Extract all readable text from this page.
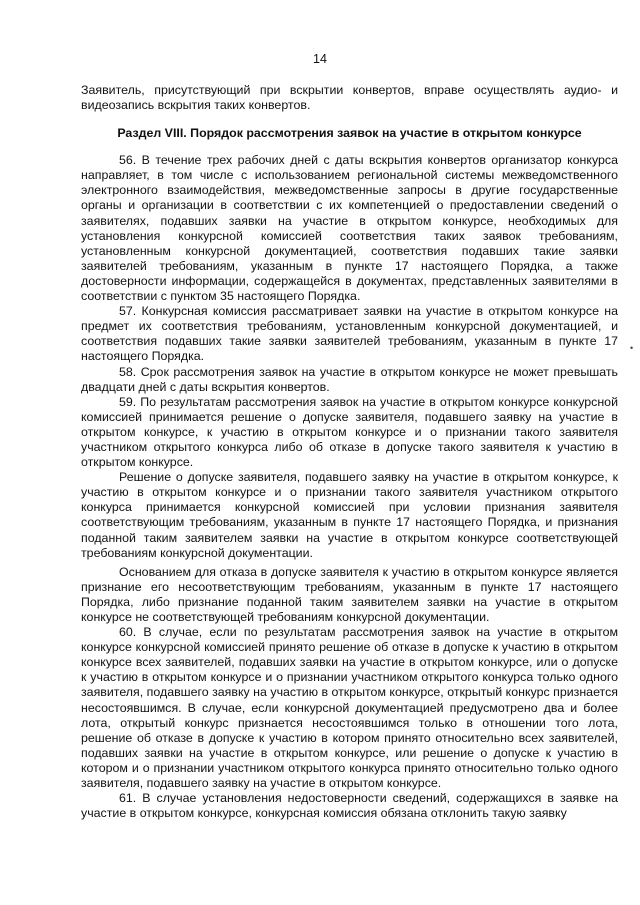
14

Заявитель, присутствующий при вскрытии конвертов, вправе осуществлять аудио- и видеозапись вскрытия таких конвертов.

Раздел VIII. Порядок рассмотрения заявок на участие в открытом конкурсе

56. В течение трех рабочих дней с даты вскрытия конвертов организатор конкурса направляет, в том числе с использованием региональной системы межведомственного электронного взаимодействия, межведомственные запросы в другие государственные органы и организации в соответствии с их компетенцией о предоставлении сведений о заявителях, подавших заявки на участие в открытом конкурсе, необходимых для установления конкурсной комиссией соответствия таких заявок требованиям, установленным конкурсной документацией, соответствия подавших такие заявки заявителей требованиям, указанным в пункте 17 настоящего Порядка, а также достоверности информации, содержащейся в документах, представленных заявителями в соответствии с пунктом 35 настоящего Порядка.

57. Конкурсная комиссия рассматривает заявки на участие в открытом конкурсе на предмет их соответствия требованиям, установленным конкурсной документацией, и соответствия подавших такие заявки заявителей требованиям, указанным в пункте 17 настоящего Порядка.

58. Срок рассмотрения заявок на участие в открытом конкурсе не может превышать двадцати дней с даты вскрытия конвертов.

59. По результатам рассмотрения заявок на участие в открытом конкурсе конкурсной комиссией принимается решение о допуске заявителя, подавшего заявку на участие в открытом конкурсе, к участию в открытом конкурсе и о признании такого заявителя участником открытого конкурса либо об отказе в допуске такого заявителя к участию в открытом конкурсе.

Решение о допуске заявителя, подавшего заявку на участие в открытом конкурсе, к участию в открытом конкурсе и о признании такого заявителя участником открытого конкурса принимается конкурсной комиссией при условии признания заявителя соответствующим требованиям, указанным в пункте 17 настоящего Порядка, и признания поданной таким заявителем заявки на участие в открытом конкурсе соответствующей требованиям конкурсной документации.

Основанием для отказа в допуске заявителя к участию в открытом конкурсе является признание его несоответствующим требованиям, указанным в пункте 17 настоящего Порядка, либо признание поданной таким заявителем заявки на участие в открытом конкурсе не соответствующей требованиям конкурсной документации.

60. В случае, если по результатам рассмотрения заявок на участие в открытом конкурсе конкурсной комиссией принято решение об отказе в допуске к участию в открытом конкурсе всех заявителей, подавших заявки на участие в открытом конкурсе, или о допуске к участию в открытом конкурсе и о признании участником открытого конкурса только одного заявителя, подавшего заявку на участию в открытом конкурсе, открытый конкурс признается несостоявшимся. В случае, если конкурсной документацией предусмотрено два и более лота, открытый конкурс признается несостоявшимся только в отношении того лота, решение об отказе в допуске к участию в котором принято относительно всех заявителей, подавших заявки на участие в открытом конкурсе, или решение о допуске к участию в котором и о признании участником открытого конкурса принято относительно только одного заявителя, подавшего заявку на участие в открытом конкурсе.

61. В случае установления недостоверности сведений, содержащихся в заявке на участие в открытом конкурсе, конкурсная комиссия обязана отклонить такую заявку

•
